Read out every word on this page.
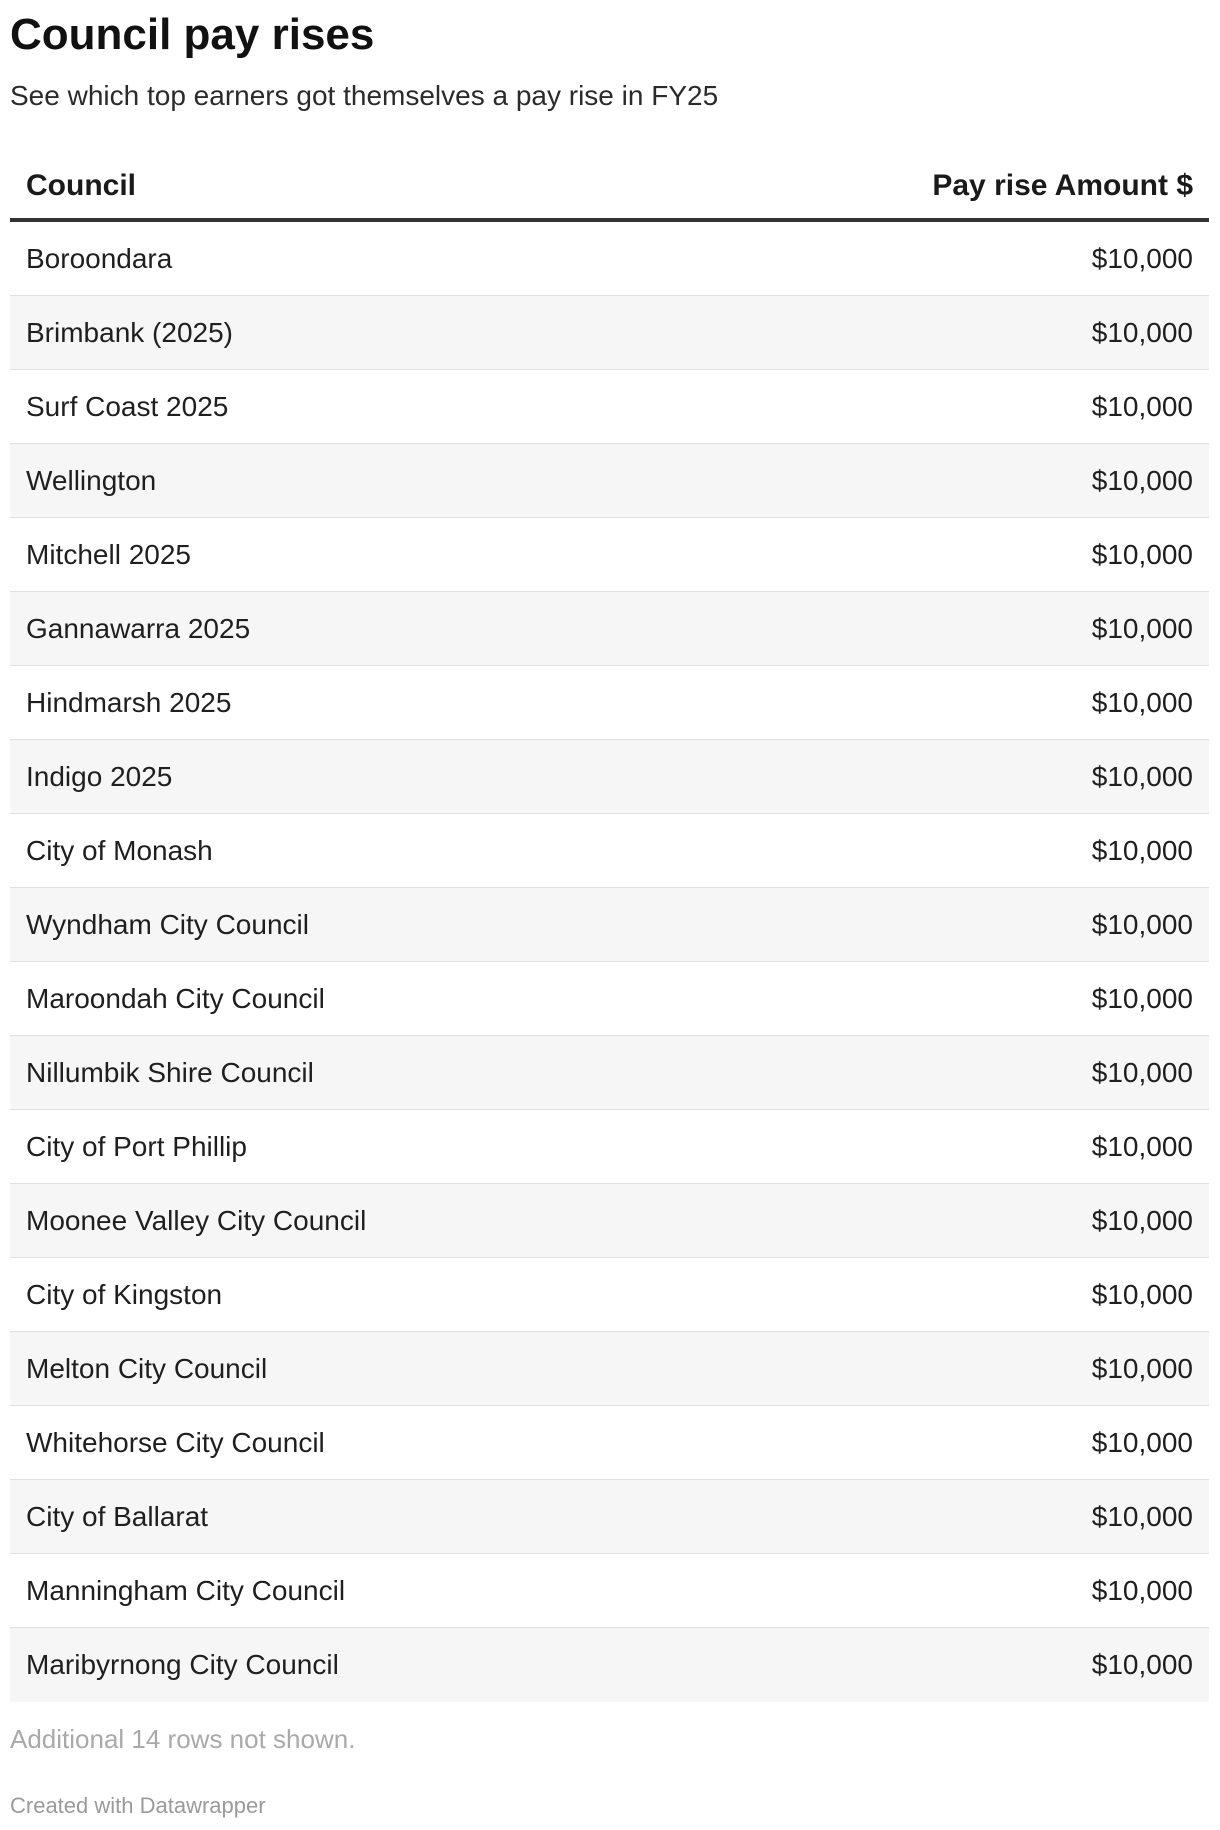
Council pay rises

See which top earners got themselves a pay rise in FY25

Council	Pay rise Amount $
Boroondara	$10,000
Brimbank (2025)	$10,000
Surf Coast 2025	$10,000
Wellington	$10,000
Mitchell 2025	$10,000
Gannawarra 2025	$10,000
Hindmarsh 2025	$10,000
Indigo 2025	$10,000
City of Monash	$10,000
Wyndham City Council	$10,000
Maroondah City Council	$10,000
Nillumbik Shire Council	$10,000
City of Port Phillip	$10,000
Moonee Valley City Council	$10,000
City of Kingston	$10,000
Melton City Council	$10,000
Whitehorse City Council	$10,000
City of Ballarat	$10,000
Manningham City Council	$10,000
Maribyrnong City Council	$10,000
Additional 14 rows not shown.
Created with Datawrapper
